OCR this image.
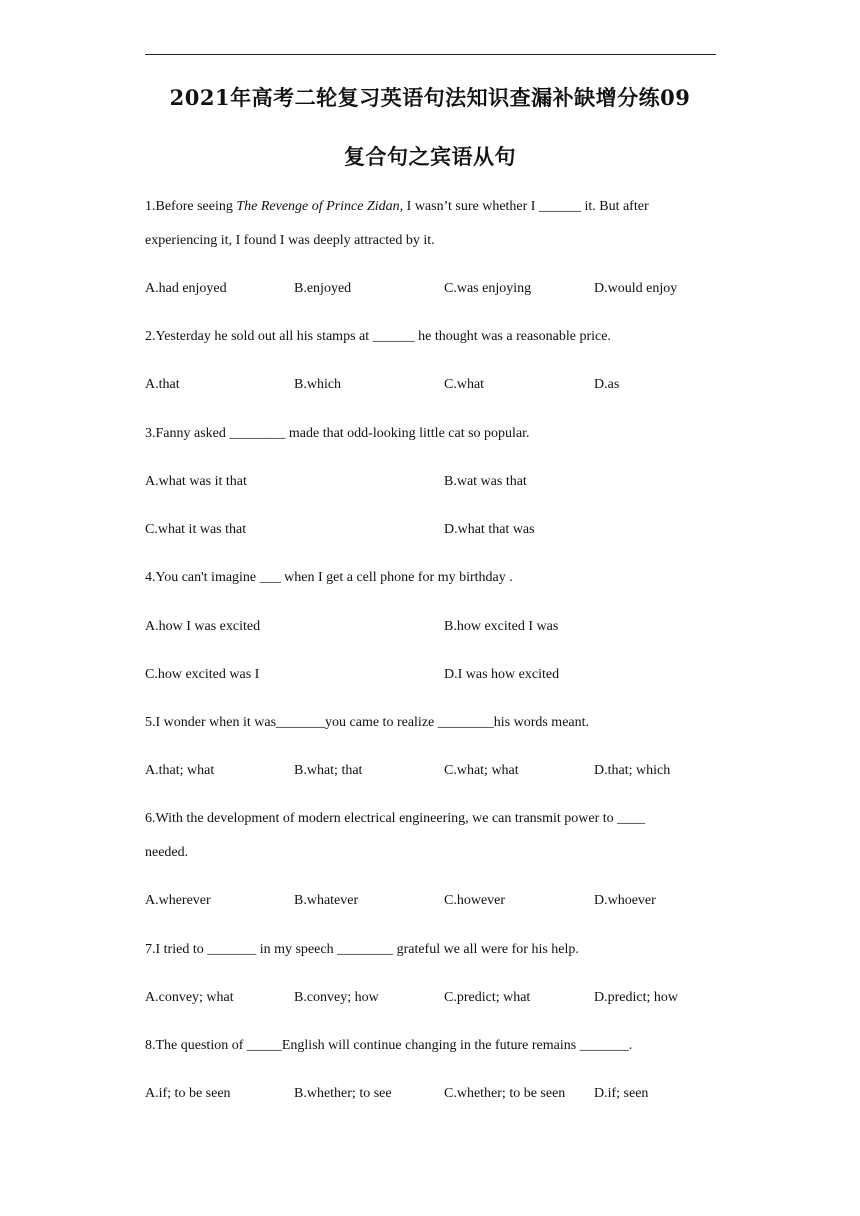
2021年高考二轮复习英语句法知识查漏补缺增分练09
复合句之宾语从句
1.Before seeing The Revenge of Prince Zidan, I wasn’t sure whether I ______ it. But after
experiencing it, I found I was deeply attracted by it.
A.had enjoyed	B.enjoyed	C.was enjoying	D.would enjoy
2.Yesterday he sold out all his stamps at ______ he thought was a reasonable price.
A.that	B.which	C.what	D.as
3.Fanny asked ________ made that odd-looking little cat so popular.
A.what was it that	B.wat was that
C.what it was that	D.what that was
4.You can't imagine ___ when I get a cell phone for my birthday .
A.how I was excited	B.how excited I was
C.how excited was I	D.I was how excited
5.I wonder when it was_______you came to realize ________his words meant.
A.that; what	B.what; that	C.what; what	D.that; which
6.With the development of modern electrical engineering, we can transmit power to ____
needed.
A.wherever	B.whatever	C.however	D.whoever
7.I tried to _______ in my speech ________ grateful we all were for his help.
A.convey; what	B.convey; how	C.predict; what	D.predict; how
8.The question of _____English will continue changing in the future remains _______.
A.if; to be seen	B.whether; to see	C.whether; to be seen D.if; seen
